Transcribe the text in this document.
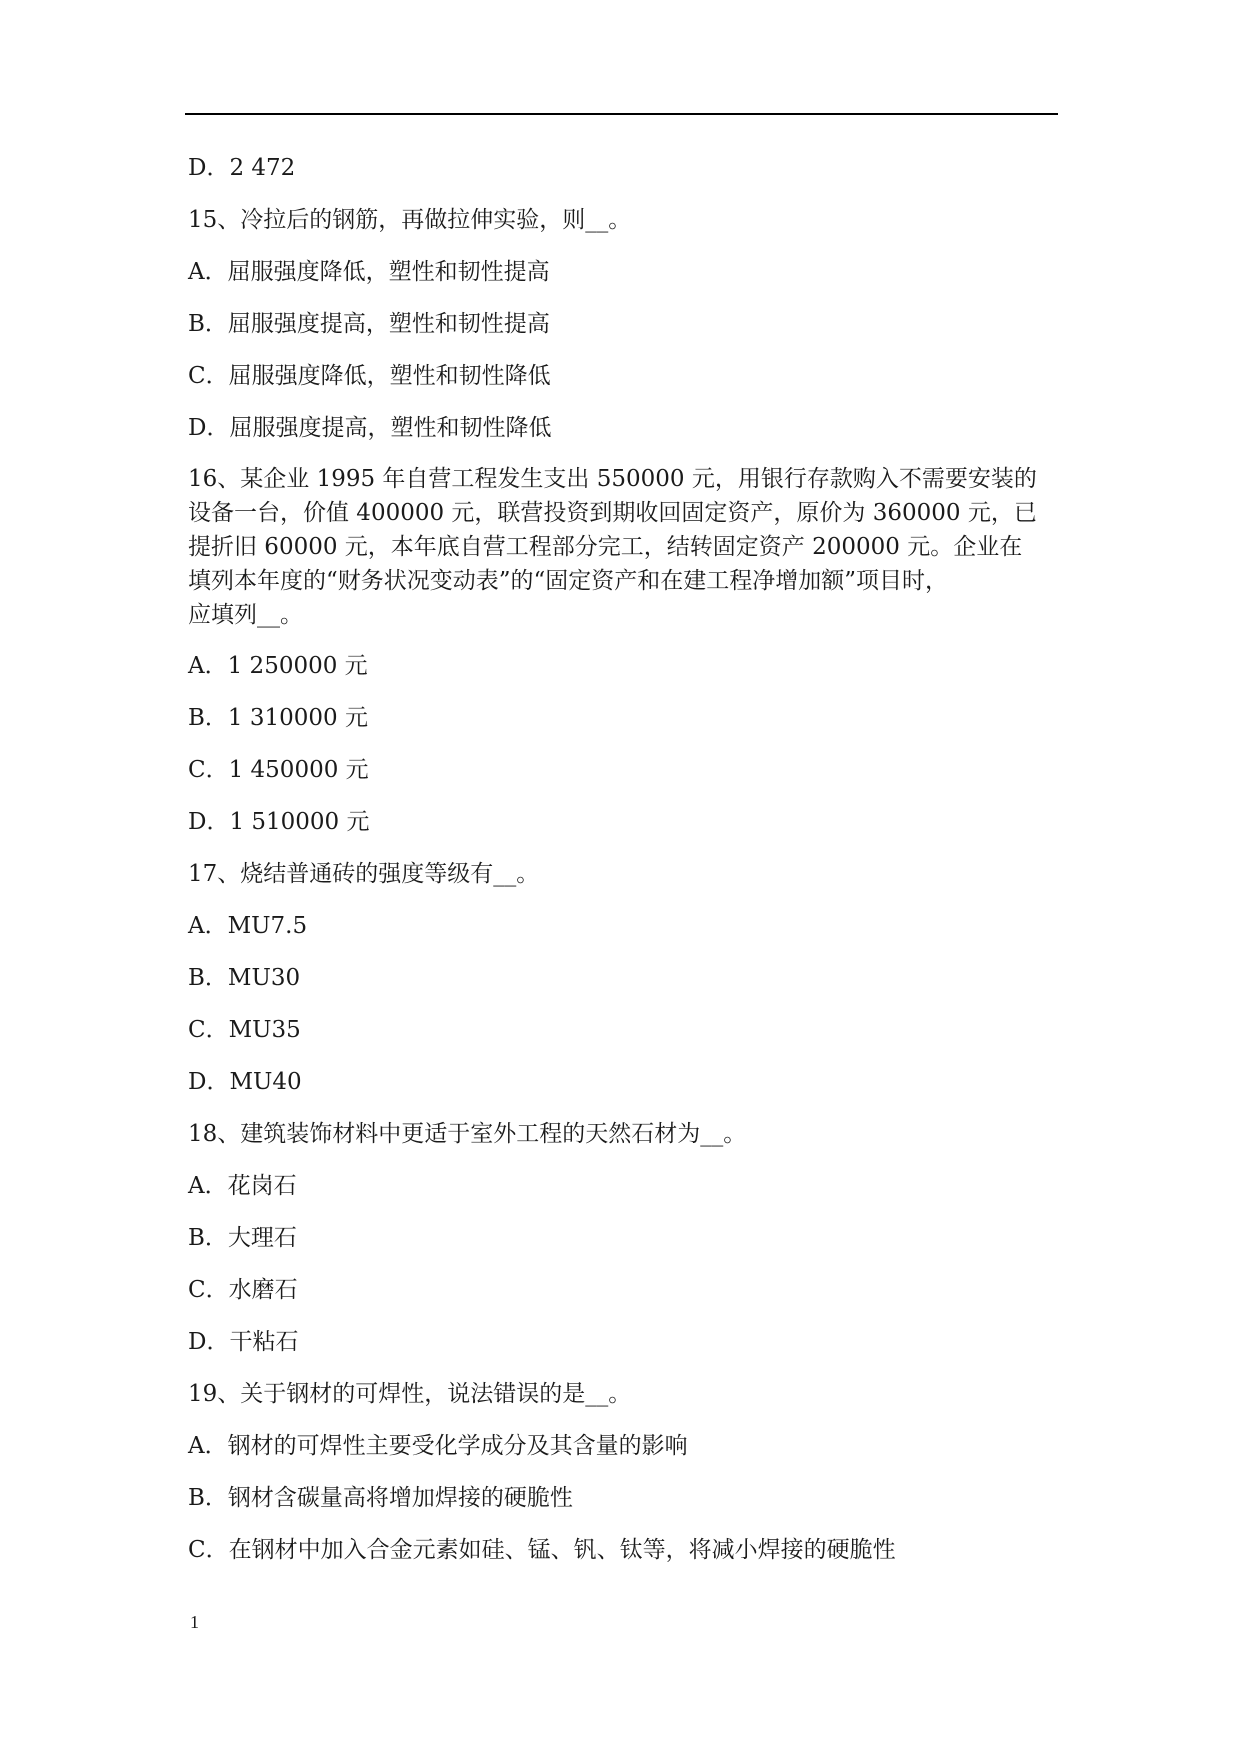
D．2 472

15、冷拉后的钢筋，再做拉伸实验，则__。

A．屈服强度降低，塑性和韧性提高

B．屈服强度提高，塑性和韧性提高

C．屈服强度降低，塑性和韧性降低

D．屈服强度提高，塑性和韧性降低

16、某企业 1995 年自营工程发生支出 550000 元，用银行存款购入不需要安装的

设备一台，价值 400000 元，联营投资到期收回固定资产，原价为 360000 元，已

提折旧 60000 元，本年底自营工程部分完工，结转固定资产 200000 元。企业在

填列本年度的“财务状况变动表”的“固定资产和在建工程净增加额”项目时，

应填列__。

A．1 250000 元

B．1 310000 元

C．1 450000 元

D．1 510000 元

17、烧结普通砖的强度等级有__。

A．MU7.5

B．MU30

C．MU35

D．MU40

18、建筑装饰材料中更适于室外工程的天然石材为__。

A．花岗石

B．大理石

C．水磨石

D．干粘石

19、关于钢材的可焊性，说法错误的是__。

A．钢材的可焊性主要受化学成分及其含量的影响

B．钢材含碳量高将增加焊接的硬脆性

C．在钢材中加入合金元素如硅、锰、钒、钛等，将减小焊接的硬脆性

1
